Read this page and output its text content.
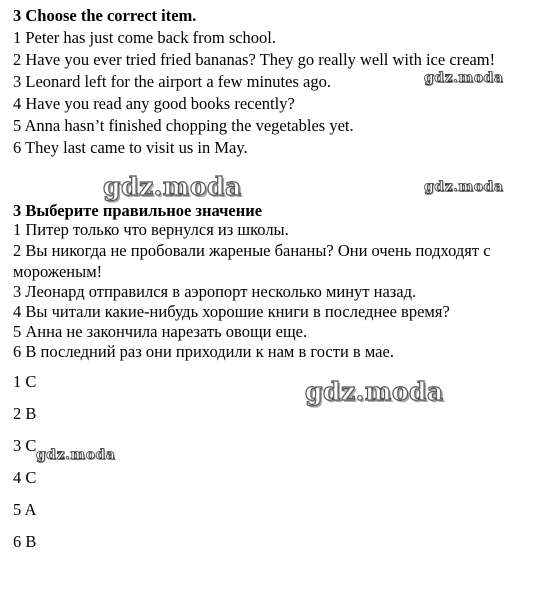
3 Choose the correct item.
1 Peter has just come back from school.
2 Have you ever tried fried bananas? They go really well with ice cream!
3 Leonard left for the airport a few minutes ago.
4 Have you read any good books recently?
5 Anna hasn’t finished chopping the vegetables yet.
6 They last came to visit us in May.
3 Выберите правильное значение
1 Питер только что вернулся из школы.
2 Вы никогда не пробовали жареные бананы? Они очень подходят с мороженым!
3 Леонард отправился в аэропорт несколько минут назад.
4 Вы читали какие-нибудь хорошие книги в последнее время?
5 Анна не закончила нарезать овощи еще.
6 В последний раз они приходили к нам в гости в мае.
1 C
2 B
3 C
4 C
5 A
6 B
gdz.moda
gdz.moda	gdz.moda
gdz.moda
gdz.moda
